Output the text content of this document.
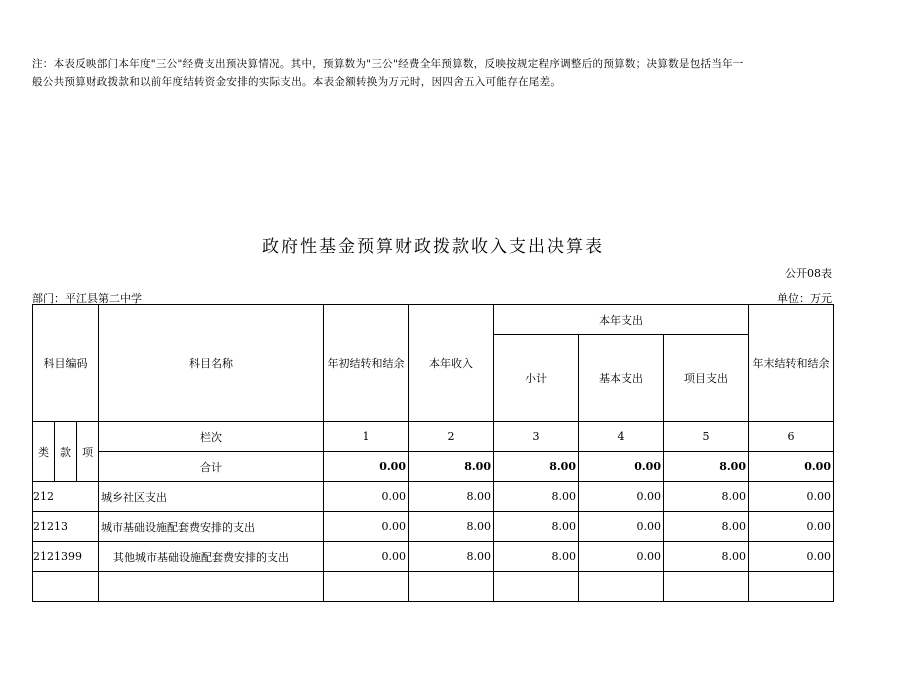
注：本表反映部门本年度"三公"经费支出预决算情况。其中，预算数为"三公"经费全年预算数，反映按规定程序调整后的预算数；决算数是包括当年一
般公共预算财政拨款和以前年度结转资金安排的实际支出。本表金额转换为万元时，因四舍五入可能存在尾差。
政府性基金预算财政拨款收入支出决算表
公开08表
部门：平江县第二中学	单位：万元
科目编码			科目名称	年初结转和结余	本年收入	本年支出			年末结转和结余
						小计	基本支出	项目支出	

类	款	项	栏次	1	2	3	4	5	6
			合计	0.00	8.00	8.00	0.00	8.00	0.00
212			城乡社区支出	0.00	8.00	8.00	0.00	8.00	0.00
21213			城市基础设施配套费安排的支出	0.00	8.00	8.00	0.00	8.00	0.00
2121399			其他城市基础设施配套费安排的支出	0.00	8.00	8.00	0.00	8.00	0.00
